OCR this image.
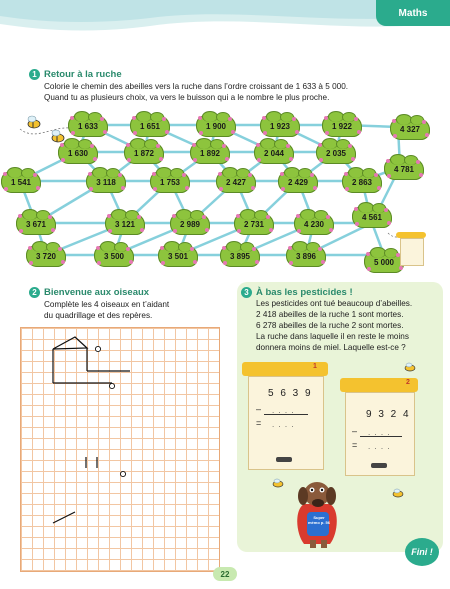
Maths
1 Retour à la ruche
Colorie le chemin des abeilles vers la ruche dans l’ordre croissant de 1 633 à 5 000.
Quand tu as plusieurs choix, va vers le buisson qui a le nombre le plus proche.
1 633	1 651	1 900	1 923	1 922	4 327
1 630	1 872	1 892	2 044	2 035
4 781
1 541	3 118	1 753	2 427	2 429	2 863
3 671	3 121	2 989	2 731	4 230
4 561
3 720	3 500	3 501	3 895	3 896
5 000
2 Bienvenue aux oiseaux
Complète les 4 oiseaux en t’aidant
du quadrillage et des repères.
3 À bas les pesticides !
Les pesticides ont tué beaucoup d’abeilles.
2 418 abeilles de la ruche 1 sont mortes.
6 278 abeilles de la ruche 2 sont mortes.
La ruche dans laquelle il en reste le moins
donnera moins de miel. Laquelle est-ce ?
1
5 6 3 9
– . . . .
= . . . .
2
9 3 2 4
– . . . .
= . . . .
Super mémo p. 56
22
Fini !
